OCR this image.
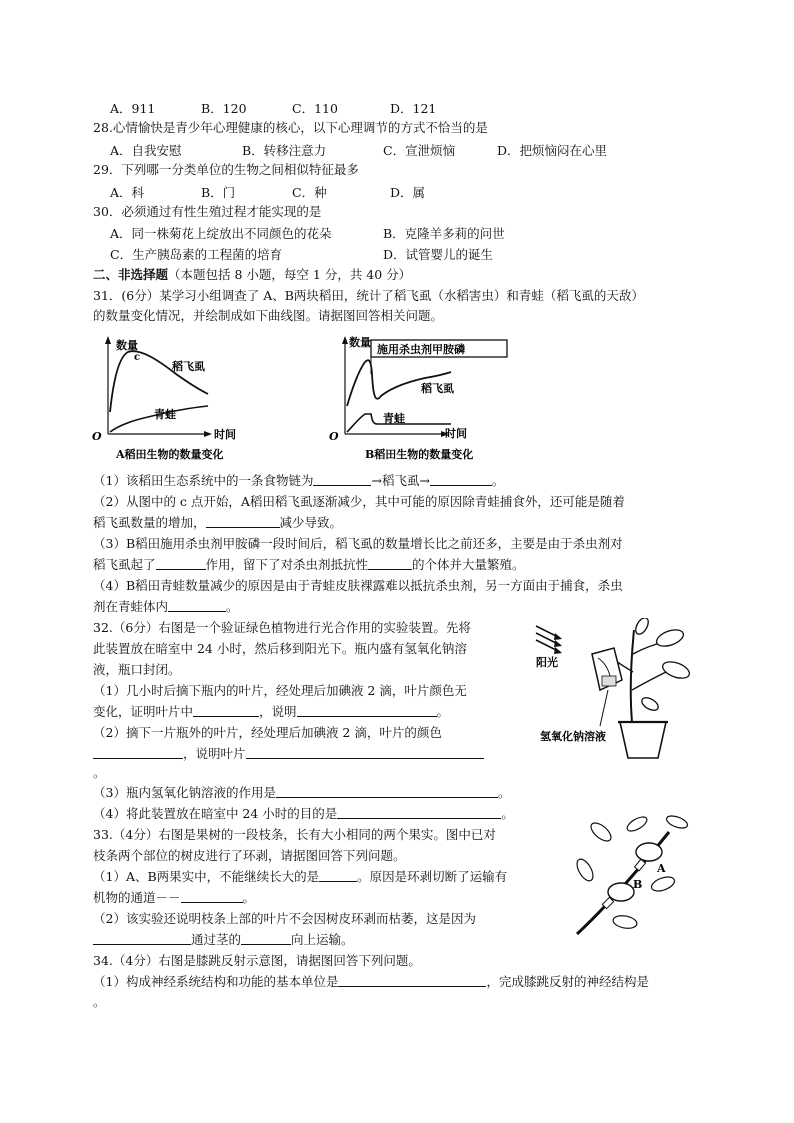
A．911	B．120	C．110	D．121
28.心情愉快是青少年心理健康的核心，以下心理调节的方式不恰当的是
A．自我安慰	B．转移注意力	C．宣泄烦恼	D．把烦恼闷在心里
29．下列哪一分类单位的生物之间相似特征最多
A．科	B．门	C．种	D．属
30．必须通过有性生殖过程才能实现的是
A．同一株菊花上绽放出不同颜色的花朵	B．克隆羊多莉的问世
C．生产胰岛素的工程菌的培育	D．试管婴儿的诞生
二、非选择题（本题包括 8 小题，每空 1 分，共 40 分）
31．(6分）某学习小组调查了 A、B两块稻田，统计了稻飞虱（水稻害虫）和青蛙（稻飞虱的天敌）
的数量变化情况，并绘制成如下曲线图。请据图回答相关问题。
数量
时间
O
c
稻飞虱
青蛙
A稻田生物的数量变化
数量
时间
O
施用杀虫剂甲胺磷
稻飞虱
青蛙
B稻田生物的数量变化
（1）该稻田生态系统中的一条食物链为	→稻飞虱→	。
（2）从图中的 c 点开始，A稻田稻飞虱逐渐减少，其中可能的原因除青蛙捕食外，还可能是随着
稻飞虱数量的增加，	减少导致。
（3）B稻田施用杀虫剂甲胺磷一段时间后，稻飞虱的数量增长比之前还多，主要是由于杀虫剂对
稻飞虱起了	作用，留下了对杀虫剂抵抗性	的个体并大量繁殖。
（4）B稻田青蛙数量减少的原因是由于青蛙皮肤裸露难以抵抗杀虫剂，另一方面由于捕食，杀虫
剂在青蛙体内	。
32.（6分）右图是一个验证绿色植物进行光合作用的实验装置。先将
此装置放在暗室中 24 小时，然后移到阳光下。瓶内盛有氢氧化钠溶
液，瓶口封闭。
（1）几小时后摘下瓶内的叶片，经处理后加碘液 2 滴，叶片颜色无
变化，证明叶片中	，说明	。
（2）摘下一片瓶外的叶片，经处理后加碘液 2 滴，叶片的颜色
，说明叶片
。
（3）瓶内氢氧化钠溶液的作用是	。
（4）将此装置放在暗室中 24 小时的目的是	。
阳光
氢氧化钠溶液
33.（4分）右图是果树的一段枝条，长有大小相同的两个果实。图中已对
枝条两个部位的树皮进行了环剥，请据图回答下列问题。
（1）A、B两果实中，不能继续长大的是	。原因是环剥切断了运输有
机物的通道－－	。
（2）该实验还说明枝条上部的叶片不会因树皮环剥而枯萎，这是因为
通过茎的	向上运输。
A
B
34.（4分）右图是膝跳反射示意图，请据图回答下列问题。
（1）构成神经系统结构和功能的基本单位是	，完成膝跳反射的神经结构是
。
